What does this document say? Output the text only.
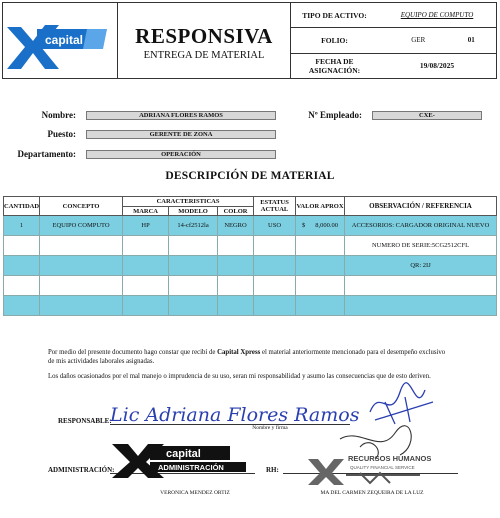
capital	RESPONSIVA
ENTREGA DE MATERIAL
TIPO DE ACTIVO:	EQUIPO DE COMPUTO
FOLIO:	GER	01
FECHA DE ASIGNACIÓN:	19/08/2025
Nombre:	ADRIANA FLORES RAMOS	Nº Empleado:	CXE-
Puesto:	GERENTE DE ZONA
Departamento:	OPERACIÓN
DESCRIPCIÓN DE MATERIAL
CANTIDAD	CONCEPTO	CARACTERISTICAS			ESTATUS ACTUAL	VALOR APROX	OBSERVACIÓN / REFERENCIA
		MARCA	MODELO	COLOR			
1	EQUIPO COMPUTO	HP	14-cf2512la	NEGRO	USO	$ 8,000.00	ACCESORIOS: CARGADOR ORIGINAL NUEVO
							NUMERO DE SERIE:5CG2512CFL
							QR: 2IJ

Por medio del presente documento hago constar que recibí de Capital Xpress el material anteriormente mencionado para el desempeño exclusivo de mis actividades laborales asignadas.
Los daños ocasionados por el mal manejo o imprudencia de su uso, seran mi responsabilidad y asumo las consecuencias que de esto deriven.
RESPONSABLE:
Lic Adriana Flores Ramos
Nombre y firma
ADMINISTRACIÓN:
capital
ADMINISTRACIÓN
VERONICA MENDEZ ORTIZ
RH:
RECURSOS HUMANOS
QUALITY FINANCIAL SERVICE
MA DEL CARMEN ZEQUEIRA DE LA LUZ
